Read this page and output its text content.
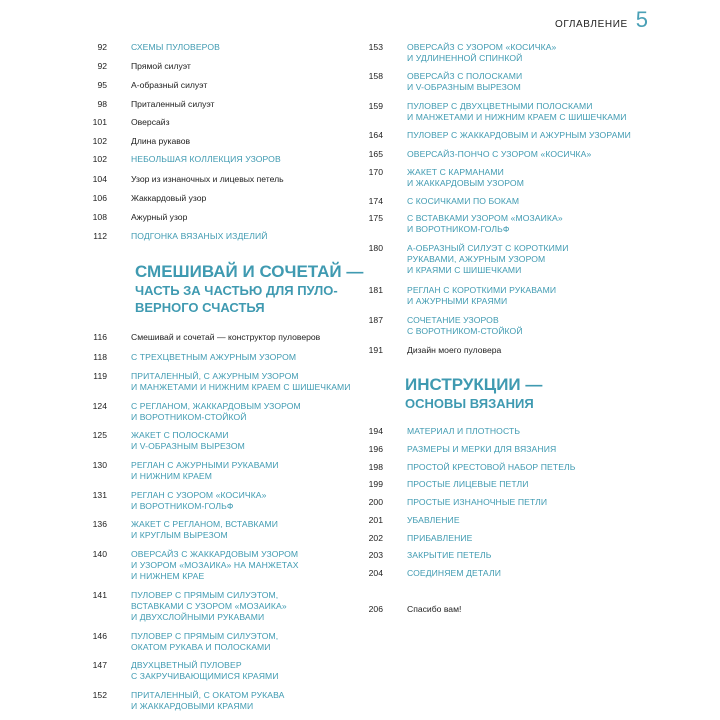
ОГЛАВЛЕНИЕ 5
92	СХЕМЫ ПУЛОВЕРОВ
92	Прямой силуэт
95	А-образный силуэт
98	Приталенный силуэт
101	Оверсайз
102	Длина рукавов
102	НЕБОЛЬШАЯ КОЛЛЕКЦИЯ УЗОРОВ
104	Узор из изнаночных и лицевых петель
106	Жаккардовый узор
108	Ажурный узор
112	ПОДГОНКА ВЯЗАНЫХ ИЗДЕЛИЙ
116	Смешивай и сочетай — конструктор пуловеров
118	С ТРЕХЦВЕТНЫМ АЖУРНЫМ УЗОРОМ
119	ПРИТАЛЕННЫЙ, С АЖУРНЫМ УЗОРОМ
И МАНЖЕТАМИ И НИЖНИМ КРАЕМ С ШИШЕЧКАМИ
124	С РЕГЛАНОМ, ЖАККАРДОВЫМ УЗОРОМ
И ВОРОТНИКОМ-СТОЙКОЙ
125	ЖАКЕТ С ПОЛОСКАМИ
И V-ОБРАЗНЫМ ВЫРЕЗОМ
130	РЕГЛАН С АЖУРНЫМИ РУКАВАМИ
И НИЖНИМ КРАЕМ
131	РЕГЛАН С УЗОРОМ «КОСИЧКА»
И ВОРОТНИКОМ-ГОЛЬФ
136	ЖАКЕТ С РЕГЛАНОМ, ВСТАВКАМИ
И КРУГЛЫМ ВЫРЕЗОМ
140	ОВЕРСАЙЗ С ЖАККАРДОВЫМ УЗОРОМ
И УЗОРОМ «МОЗАИКА» НА МАНЖЕТАХ
И НИЖНЕМ КРАЕ
141	ПУЛОВЕР С ПРЯМЫМ СИЛУЭТОМ,
ВСТАВКАМИ С УЗОРОМ «МОЗАИКА»
И ДВУХСЛОЙНЫМИ РУКАВАМИ
146	ПУЛОВЕР С ПРЯМЫМ СИЛУЭТОМ,
ОКАТОМ РУКАВА И ПОЛОСКАМИ
147	ДВУХЦВЕТНЫЙ ПУЛОВЕР
С ЗАКРУЧИВАЮЩИМИСЯ КРАЯМИ
152	ПРИТАЛЕННЫЙ, С ОКАТОМ РУКАВА
И ЖАККАРДОВЫМИ КРАЯМИ
153	ОВЕРСАЙЗ С УЗОРОМ «КОСИЧКА»
И УДЛИНЕННОЙ СПИНКОЙ
158	ОВЕРСАЙЗ С ПОЛОСКАМИ
И V-ОБРАЗНЫМ ВЫРЕЗОМ
159	ПУЛОВЕР С ДВУХЦВЕТНЫМИ ПОЛОСКАМИ
И МАНЖЕТАМИ И НИЖНИМ КРАЕМ С ШИШЕЧКАМИ
164	ПУЛОВЕР С ЖАККАРДОВЫМ И АЖУРНЫМ УЗОРАМИ
165	ОВЕРСАЙЗ-ПОНЧО С УЗОРОМ «КОСИЧКА»
170	ЖАКЕТ С КАРМАНАМИ
И ЖАККАРДОВЫМ УЗОРОМ
174	С КОСИЧКАМИ ПО БОКАМ
175	С ВСТАВКАМИ УЗОРОМ «МОЗАИКА»
И ВОРОТНИКОМ-ГОЛЬФ
180	А-ОБРАЗНЫЙ СИЛУЭТ С КОРОТКИМИ
РУКАВАМИ, АЖУРНЫМ УЗОРОМ
И КРАЯМИ С ШИШЕЧКАМИ
181	РЕГЛАН С КОРОТКИМИ РУКАВАМИ
И АЖУРНЫМИ КРАЯМИ
187	СОЧЕТАНИЕ УЗОРОВ
С ВОРОТНИКОМ-СТОЙКОЙ
191	Дизайн моего пуловера
194	МАТЕРИАЛ И ПЛОТНОСТЬ
196	РАЗМЕРЫ И МЕРКИ ДЛЯ ВЯЗАНИЯ
198	ПРОСТОЙ КРЕСТОВОЙ НАБОР ПЕТЕЛЬ
199	ПРОСТЫЕ ЛИЦЕВЫЕ ПЕТЛИ
200	ПРОСТЫЕ ИЗНАНОЧНЫЕ ПЕТЛИ
201	УБАВЛЕНИЕ
202	ПРИБАВЛЕНИЕ
203	ЗАКРЫТИЕ ПЕТЕЛЬ
204	СОЕДИНЯЕМ ДЕТАЛИ
206	Спасибо вам!
СМЕШИВАЙ И СОЧЕТАЙ —
ЧАСТЬ ЗА ЧАСТЬЮ ДЛЯ ПУЛО-
ВЕРНОГО СЧАСТЬЯ
ИНСТРУКЦИИ —
ОСНОВЫ ВЯЗАНИЯ
